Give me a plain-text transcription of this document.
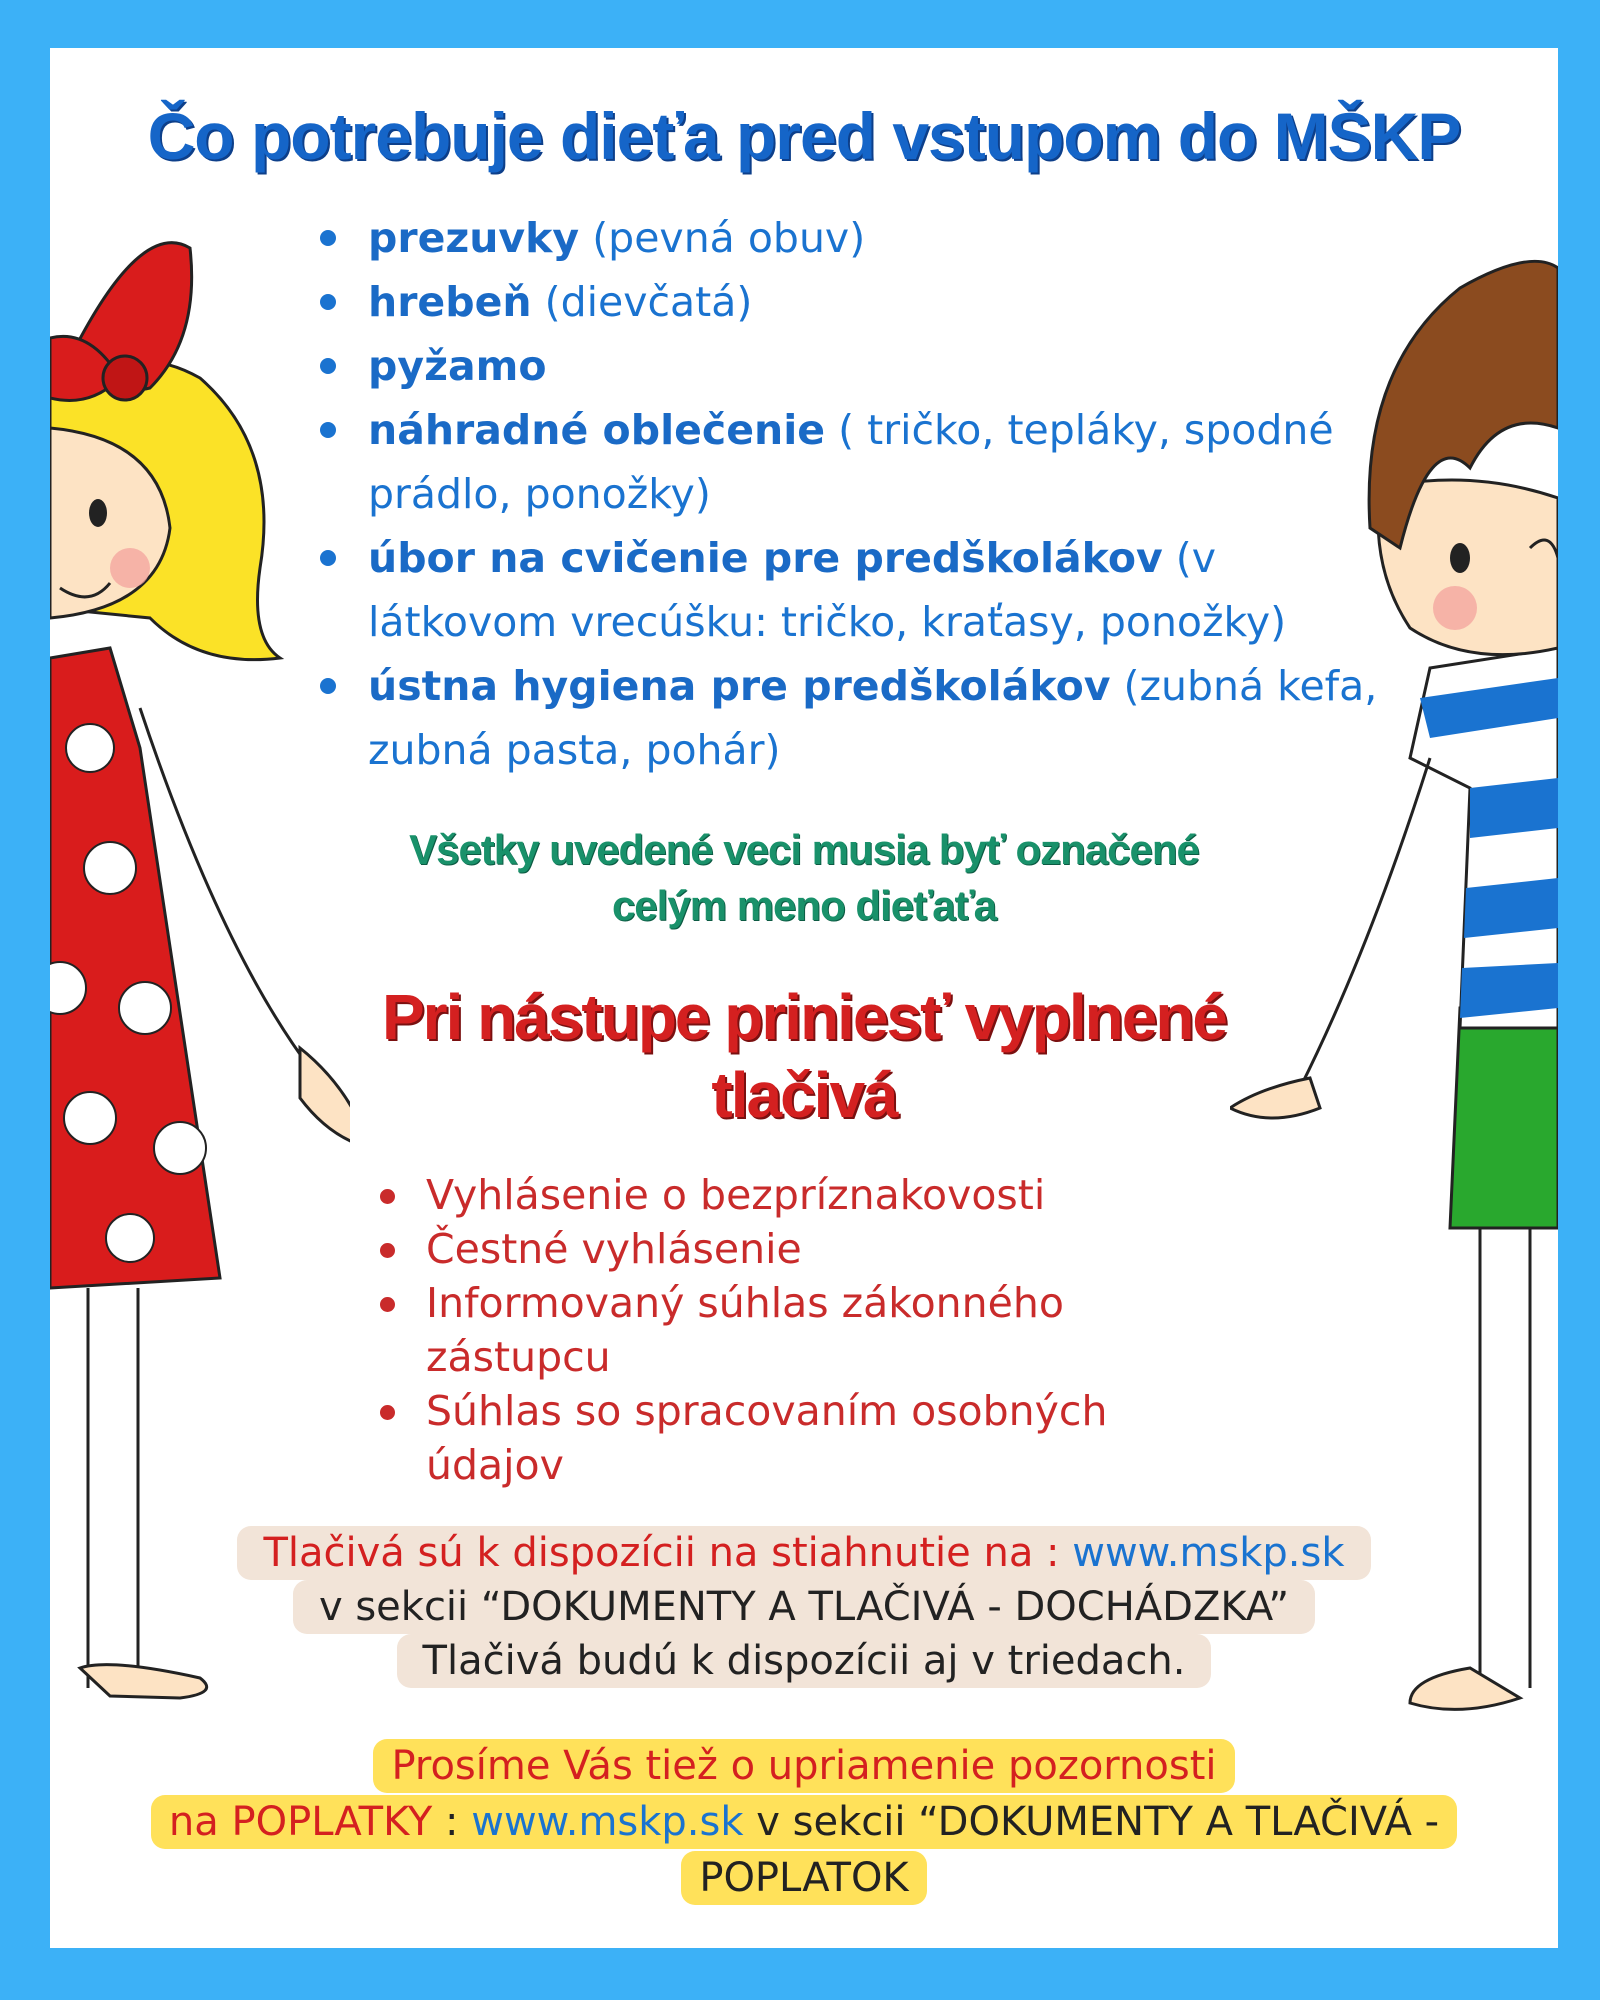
Čo potrebuje dieťa pred vstupom do MŠKP
prezuvky (pevná obuv)
hrebeň (dievčatá)
pyžamo
náhradné oblečenie ( tričko, tepláky, spodné prádlo, ponožky)
úbor na cvičenie pre predškolákov (v látkovom vrecúšku: tričko, kraťasy, ponožky)
ústna hygiena pre predškolákov (zubná kefa, zubná pasta, pohár)
Všetky uvedené veci musia byť označené
celým meno dieťaťa
Pri nástupe priniesť vyplnené
tlačivá
Vyhlásenie o bezpríznakovosti
Čestné vyhlásenie
Informovaný súhlas zákonného zástupcu
Súhlas so spracovaním osobných údajov
Tlačivá sú k dispozícii na stiahnutie na : www.mskp.sk
v sekcii “DOKUMENTY A TLAČIVÁ - DOCHÁDZKA”
Tlačivá budú k dispozícii aj v triedach.
Prosíme Vás tiež o upriamenie pozornosti
na POPLATKY : www.mskp.sk v sekcii “DOKUMENTY A TLAČIVÁ - POPLATOK
